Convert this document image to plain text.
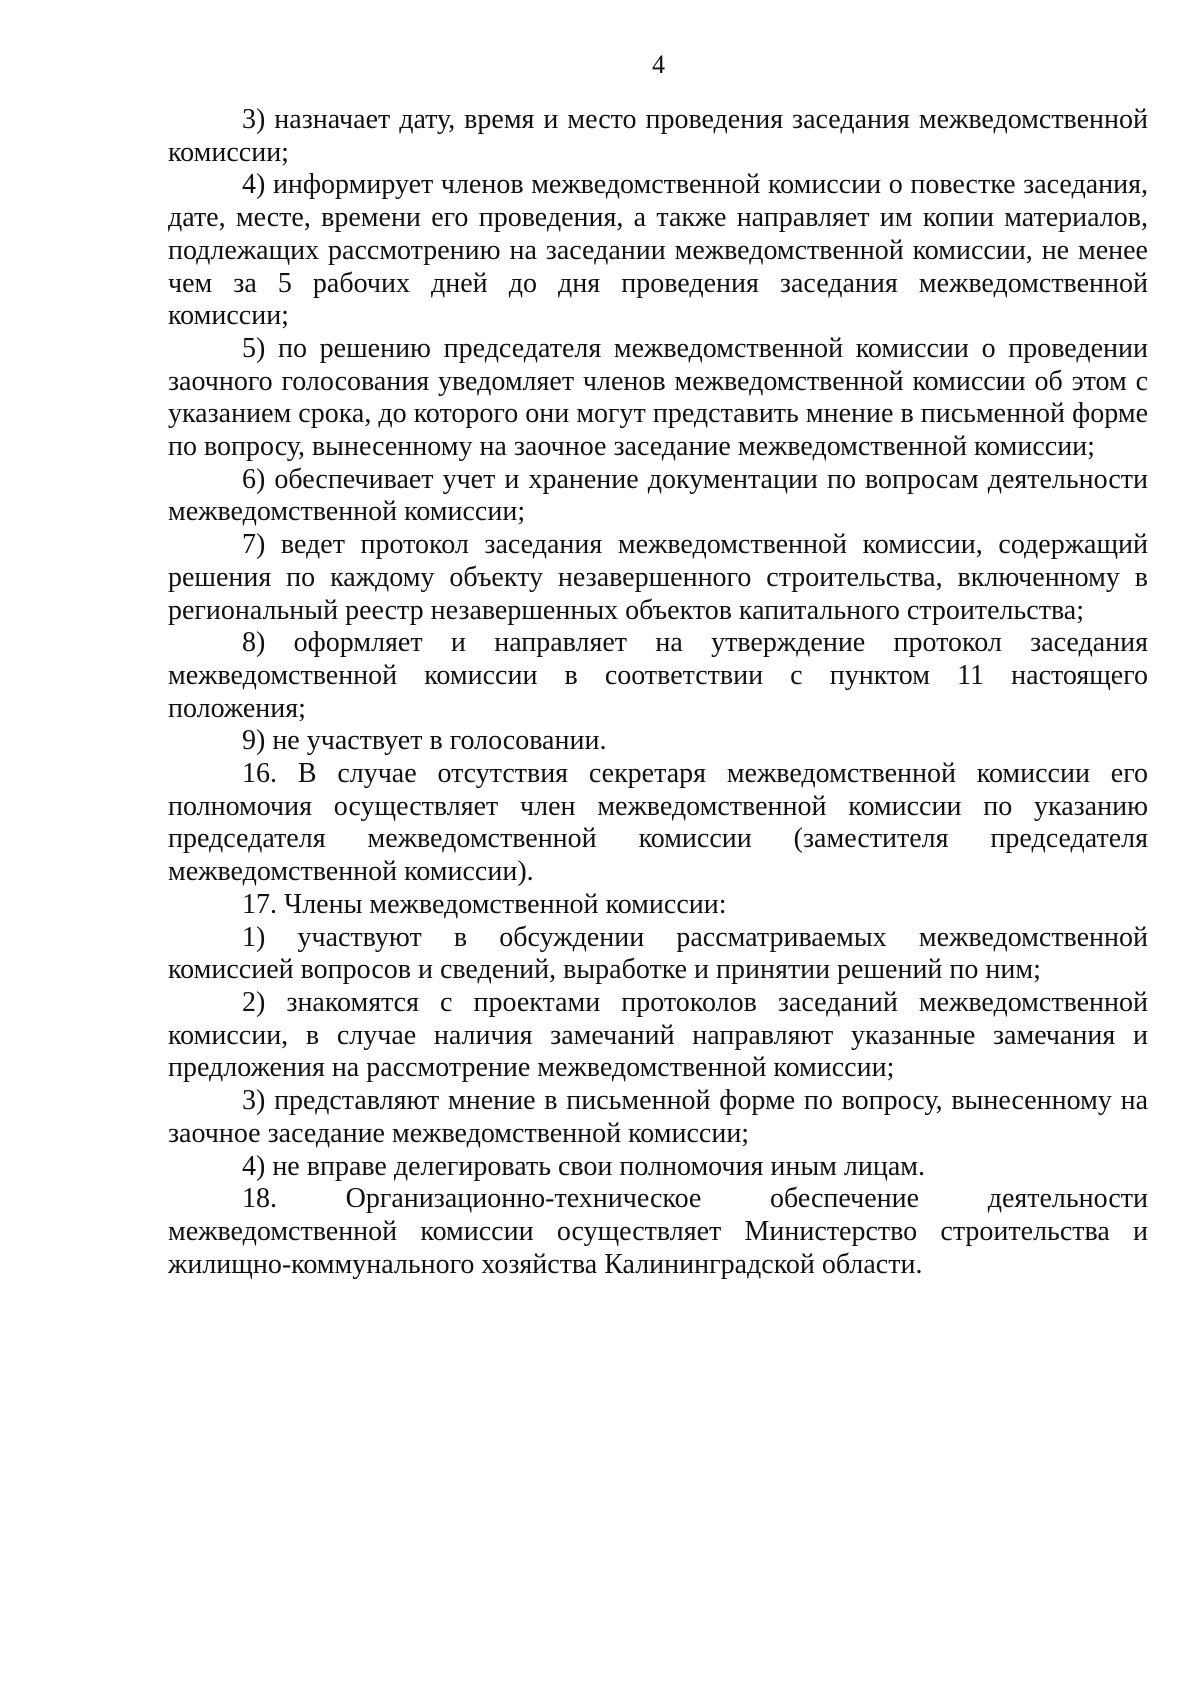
4

3) назначает дату, время и место проведения заседания межведомственной комиссии;

4) информирует членов межведомственной комиссии о повестке заседания, дате, месте, времени его проведения, а также направляет им копии материалов, подлежащих рассмотрению на заседании межведомственной комиссии, не менее чем за 5 рабочих дней до дня проведения заседания межведомственной комиссии;

5) по решению председателя межведомственной комиссии о проведении заочного голосования уведомляет членов межведомственной комиссии об этом с указанием срока, до которого они могут представить мнение в письменной форме по вопросу, вынесенному на заочное заседание межведомственной комиссии;

6) обеспечивает учет и хранение документации по вопросам деятельности межведомственной комиссии;

7) ведет протокол заседания межведомственной комиссии, содержащий решения по каждому объекту незавершенного строительства, включенному в региональный реестр незавершенных объектов капитального строительства;

8) оформляет и направляет на утверждение протокол заседания межведомственной комиссии в соответствии с пунктом 11 настоящего положения;

9) не участвует в голосовании.

16. В случае отсутствия секретаря межведомственной комиссии его полномочия осуществляет член межведомственной комиссии по указанию председателя межведомственной комиссии (заместителя председателя межведомственной комиссии).

17. Члены межведомственной комиссии:

1) участвуют в обсуждении рассматриваемых межведомственной комиссией вопросов и сведений, выработке и принятии решений по ним;

2) знакомятся с проектами протоколов заседаний межведомственной комиссии, в случае наличия замечаний направляют указанные замечания и предложения на рассмотрение межведомственной комиссии;

3) представляют мнение в письменной форме по вопросу, вынесенному на заочное заседание межведомственной комиссии;

4) не вправе делегировать свои полномочия иным лицам.

18. Организационно-техническое обеспечение деятельности межведомственной комиссии осуществляет Министерство строительства и жилищно-коммунального хозяйства Калининградской области.
